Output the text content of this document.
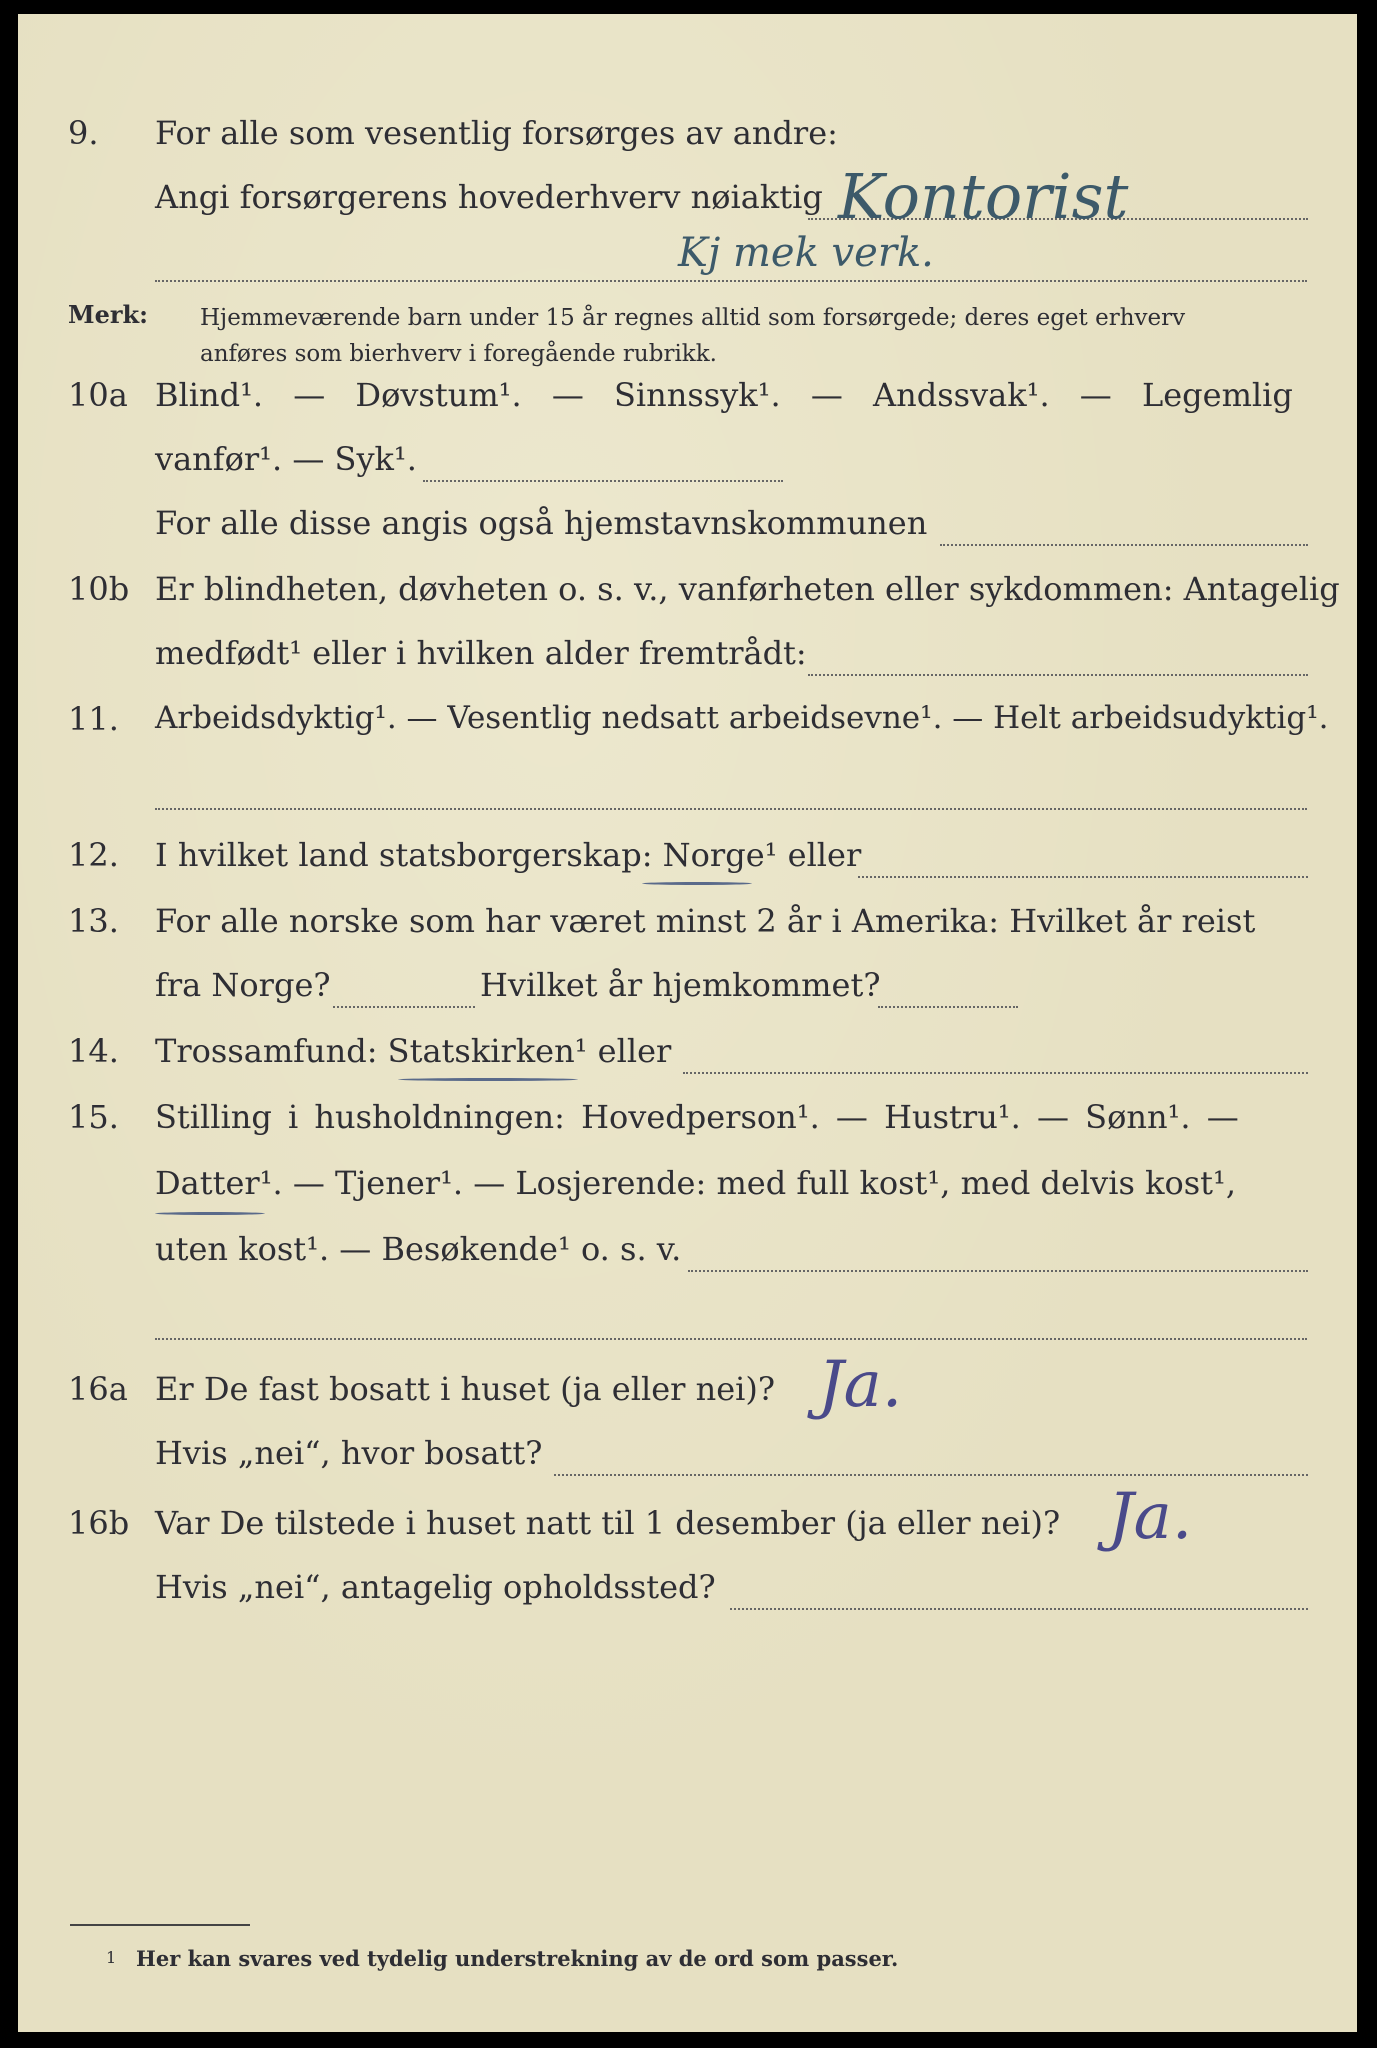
9. For alle som vesentlig forsørges av andre:
Angi forsørgerens hovederhverv nøiaktig Kontorist
Kj mek verk.
Merk: Hjemmeværende barn under 15 år regnes alltid som forsørgede; deres eget erhverv
anføres som bierhverv i foregående rubrikk.
10a Blind¹. — Døvstum¹. — Sinnssyk¹. — Andssvak¹. — Legemlig
vanfør¹. — Syk¹.
For alle disse angis også hjemstavnskommunen
10b Er blindheten, døvheten o. s. v., vanførheten eller sykdommen: Antagelig
medfødt¹ eller i hvilken alder fremtrådt:
11. Arbeidsdyktig¹. — Vesentlig nedsatt arbeidsevne¹. — Helt arbeidsudyktig¹.
12. I hvilket land statsborgerskap: Norge¹ eller
13. For alle norske som har været minst 2 år i Amerika: Hvilket år reist
fra Norge?	Hvilket år hjemkommet?
14. Trossamfund: Statskirken¹ eller
15. Stilling i husholdningen: Hovedperson¹. — Hustru¹. — Sønn¹. —
Datter¹. — Tjener¹. — Losjerende: med full kost¹, med delvis kost¹,
uten kost¹. — Besøkende¹ o. s. v.
16a Er De fast bosatt i huset (ja eller nei)? Ja.
Hvis „nei“, hvor bosatt?
16b Var De tilstede i huset natt til 1 desember (ja eller nei)? Ja.
Hvis „nei“, antagelig opholdssted?
1 Her kan svares ved tydelig understrekning av de ord som passer.
